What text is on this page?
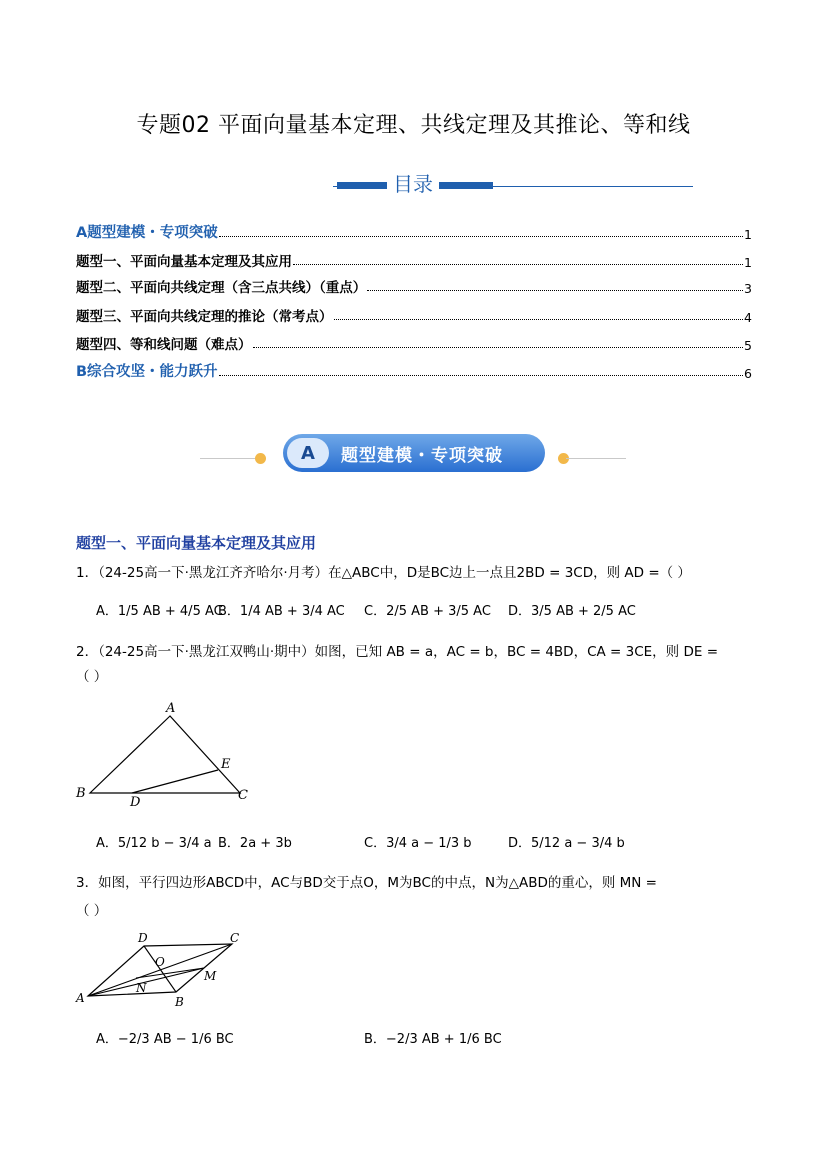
专题02 平面向量基本定理、共线定理及其推论、等和线
目录
A题型建模・专项突破	1
题型一、平面向量基本定理及其应用	1
题型二、平面向共线定理（含三点共线）（重点）	3
题型三、平面向共线定理的推论（常考点）	4
题型四、等和线问题（难点）	5
B综合攻坚・能力跃升	6
A	题型建模・专项突破
题型一、平面向量基本定理及其应用
1．（24-25高一下·黑龙江齐齐哈尔·月考）在△ABC中，D是BC边上一点且2BD = 3CD，则 AD =（ ）
A．1/5 AB + 4/5 AC
B．1/4 AB + 3/4 AC C．2/5 AB + 3/5 AC D．3/5 AB + 2/5 AC
2．（24-25高一下·黑龙江双鸭山·期中）如图，已知 AB = a，AC = b，BC = 4BD，CA = 3CE，则 DE =
（ ）
A
B	C
D
E
A．5/12 b − 3/4 a B．2a + 3b	C．3/4 a − 1/3 b	D．5/12 a − 3/4 b
3．如图，平行四边形ABCD中，AC与BD交于点O，M为BC的中点，N为△ABD的重心，则 MN =
（ ）
A	B
C
D
O
M
N
A．−2/3 AB − 1/6 BC	B．−2/3 AB + 1/6 BC
